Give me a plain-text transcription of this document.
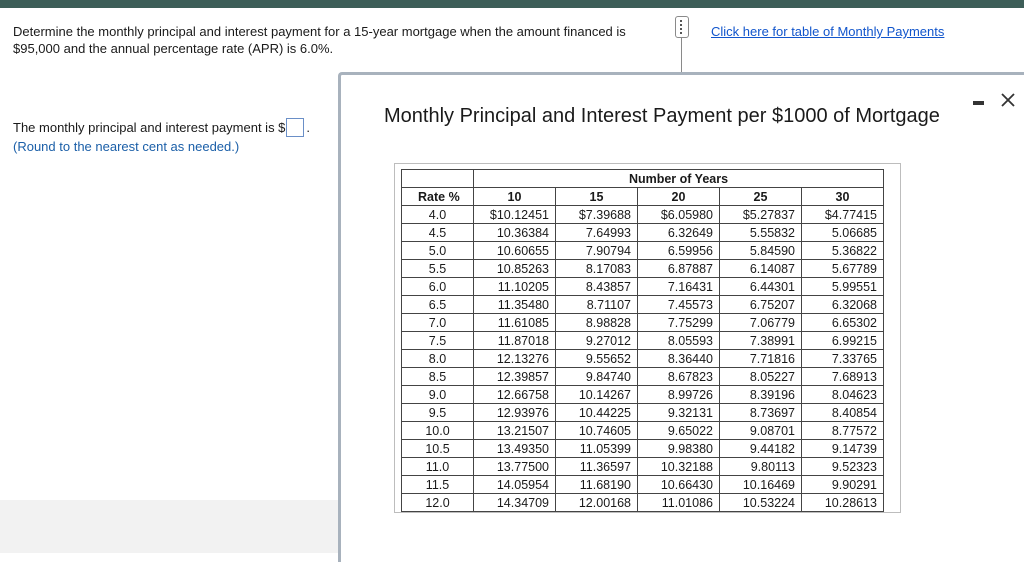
Determine the monthly principal and interest payment for a 15-year mortgage when the amount financed is
$95,000 and the annual percentage rate (APR) is 6.0%.
Click here for table of Monthly Payments
The monthly principal and interest payment is $ .
(Round to the nearest cent as needed.)
Monthly Principal and Interest Payment per $1000 of Mortgage
	Number of Years				
Rate %	10	15	20	25	30
4.0	$10.12451	$7.39688	$6.05980	$5.27837	$4.77415
4.5	10.36384	7.64993	6.32649	5.55832	5.06685
5.0	10.60655	7.90794	6.59956	5.84590	5.36822
5.5	10.85263	8.17083	6.87887	6.14087	5.67789
6.0	11.10205	8.43857	7.16431	6.44301	5.99551
6.5	11.35480	8.71107	7.45573	6.75207	6.32068
7.0	11.61085	8.98828	7.75299	7.06779	6.65302
7.5	11.87018	9.27012	8.05593	7.38991	6.99215
8.0	12.13276	9.55652	8.36440	7.71816	7.33765
8.5	12.39857	9.84740	8.67823	8.05227	7.68913
9.0	12.66758	10.14267	8.99726	8.39196	8.04623
9.5	12.93976	10.44225	9.32131	8.73697	8.40854
10.0	13.21507	10.74605	9.65022	9.08701	8.77572
10.5	13.49350	11.05399	9.98380	9.44182	9.14739
11.0	13.77500	11.36597	10.32188	9.80113	9.52323
11.5	14.05954	11.68190	10.66430	10.16469	9.90291
12.0	14.34709	12.00168	11.01086	10.53224	10.28613
